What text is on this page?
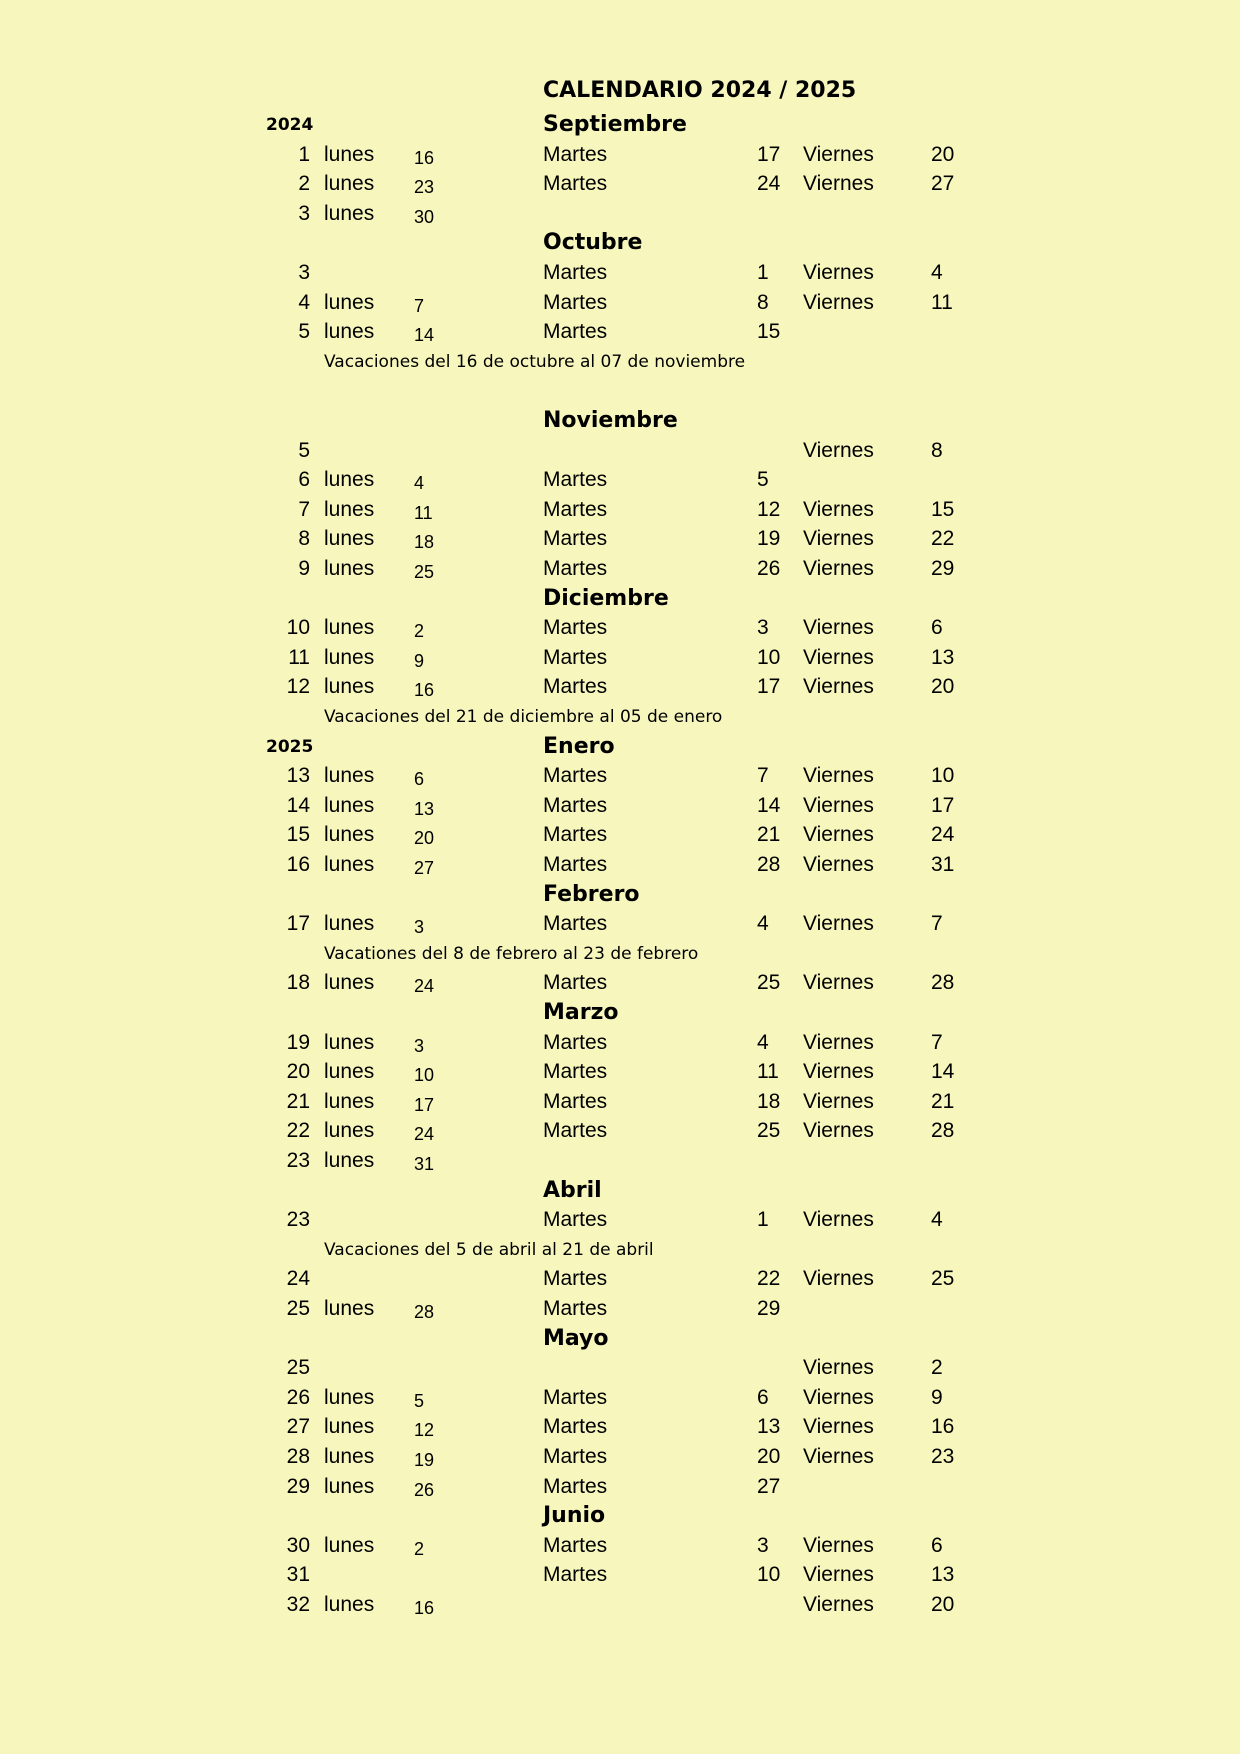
CALENDARIO 2024 / 2025
2024	Septiembre
1 lunes 16	Martes	17 Viernes	20
2 lunes 23	Martes	24 Viernes	27
3 lunes 30
Octubre
3	Martes	1 Viernes	4
4 lunes 7	Martes	8 Viernes	11
5 lunes 14	Martes	15
Vacaciones del 16 de octubre al 07 de noviembre
Noviembre
5	Viernes	8
6 lunes 4	Martes	5
7 lunes 11	Martes	12 Viernes	15
8 lunes 18	Martes	19 Viernes	22
9 lunes 25	Martes	26 Viernes	29
Diciembre
10 lunes 2	Martes	3 Viernes	6
11 lunes 9	Martes	10 Viernes	13
12 lunes 16	Martes	17 Viernes	20
Vacaciones del 21 de diciembre al 05 de enero
2025	Enero
13 lunes 6	Martes	7 Viernes	10
14 lunes 13	Martes	14 Viernes	17
15 lunes 20	Martes	21 Viernes	24
16 lunes 27	Martes	28 Viernes	31
Febrero
17 lunes 3	Martes	4 Viernes	7
Vacationes del 8 de febrero al 23 de febrero
18 lunes 24	Martes	25 Viernes	28
Marzo
19 lunes 3	Martes	4 Viernes	7
20 lunes 10	Martes	11 Viernes	14
21 lunes 17	Martes	18 Viernes	21
22 lunes 24	Martes	25 Viernes	28
23 lunes 31
Abril
23	Martes	1 Viernes	4
Vacaciones del 5 de abril al 21 de abril
24	Martes	22 Viernes	25
25 lunes 28	Martes	29
Mayo
25	Viernes	2
26 lunes 5	Martes	6 Viernes	9
27 lunes 12	Martes	13 Viernes	16
28 lunes 19	Martes	20 Viernes	23
29 lunes 26	Martes	27
Junio
30 lunes 2	Martes	3 Viernes	6
31	Martes	10 Viernes	13
32 lunes 16	Viernes	20
